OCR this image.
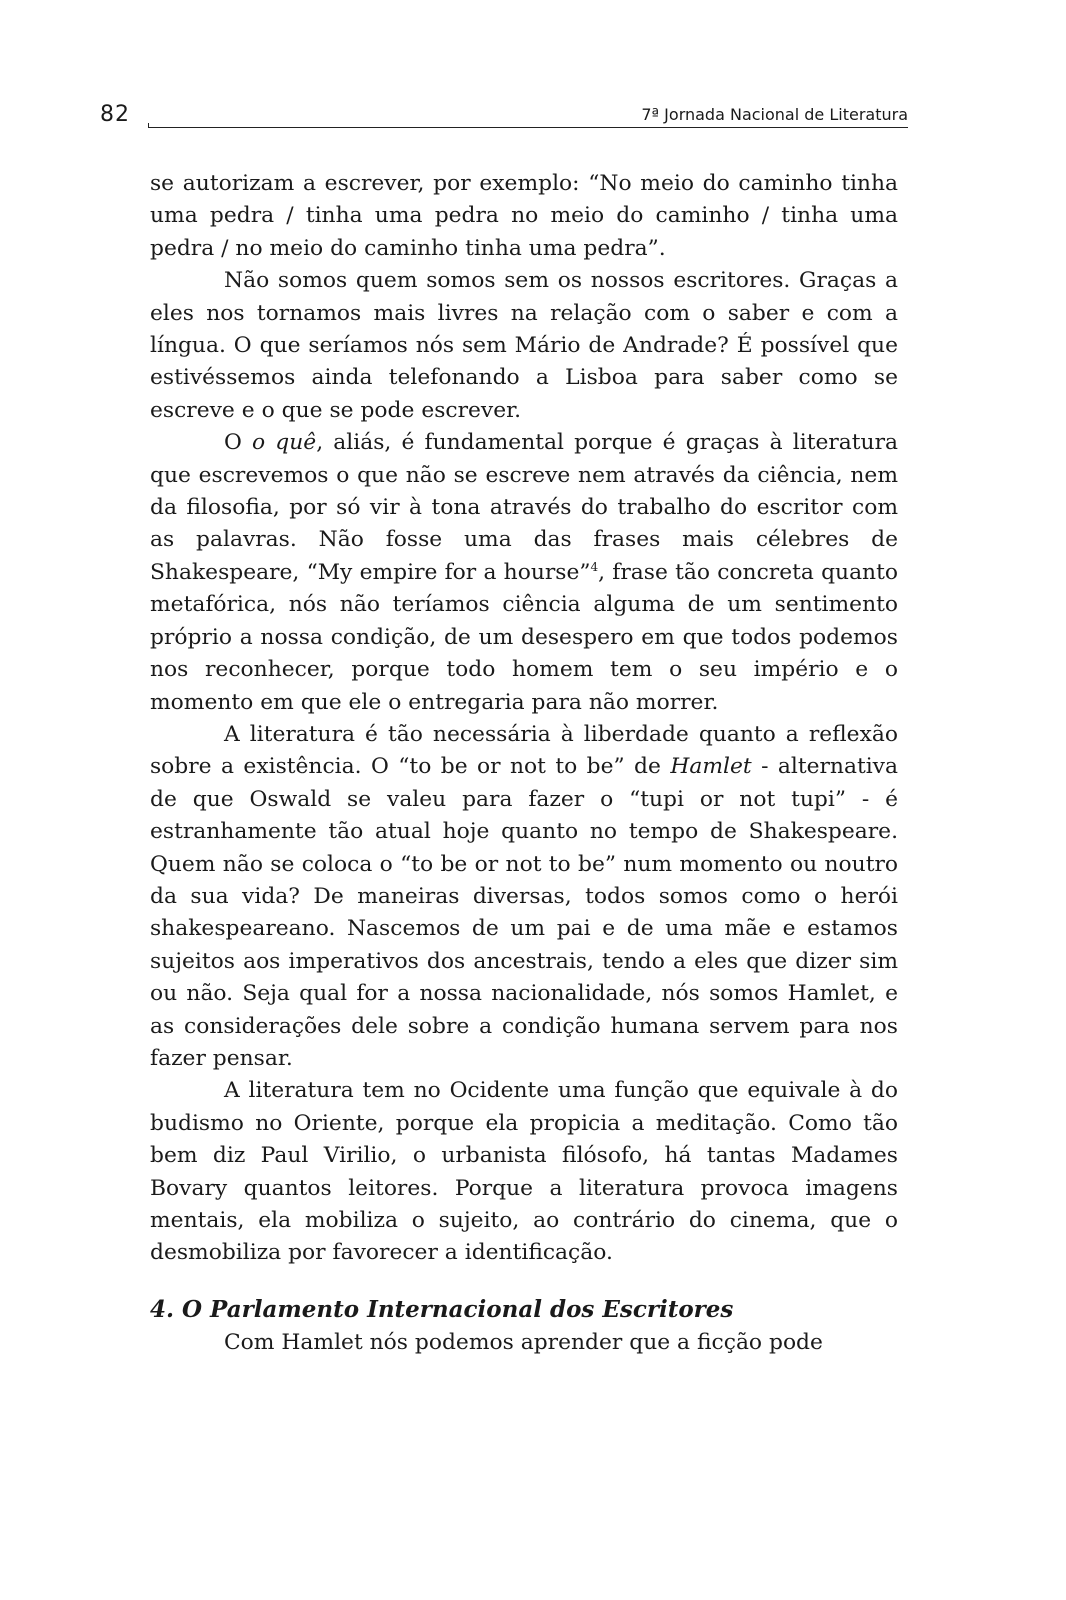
82	7ª Jornada Nacional de Literatura

se autorizam a escrever, por exemplo: “No meio do caminho tinha uma pedra / tinha uma pedra no meio do caminho / tinha uma pedra / no meio do caminho tinha uma pedra”.

Não somos quem somos sem os nossos escritores. Graças a eles nos tornamos mais livres na relação com o saber e com a língua. O que seríamos nós sem Mário de Andrade? É possível que estivéssemos ainda telefonando a Lisboa para saber como se escreve e o que se pode escrever.

O o quê, aliás, é fundamental porque é graças à literatura que escrevemos o que não se escreve nem através da ciência, nem da filosofia, por só vir à tona através do trabalho do escritor com as palavras. Não fosse uma das frases mais célebres de Shakespeare, “My empire for a hourse”$^4$, frase tão concreta quanto metafórica, nós não teríamos ciência alguma de um sentimento próprio a nossa condição, de um desespero em que todos podemos nos reconhecer, porque todo homem tem o seu império e o momento em que ele o entregaria para não morrer.

A literatura é tão necessária à liberdade quanto a reflexão sobre a existência. O “to be or not to be” de Hamlet - alternativa de que Oswald se valeu para fazer o “tupi or not tupi” - é estranhamente tão atual hoje quanto no tempo de Shakespeare. Quem não se coloca o “to be or not to be” num momento ou noutro da sua vida? De maneiras diversas, todos somos como o herói shakespeareano. Nascemos de um pai e de uma mãe e estamos sujeitos aos imperativos dos ancestrais, tendo a eles que dizer sim ou não. Seja qual for a nossa nacionalidade, nós somos Hamlet, e as considerações dele sobre a condição humana servem para nos fazer pensar.

A literatura tem no Ocidente uma função que equivale à do budismo no Oriente, porque ela propicia a meditação. Como tão bem diz Paul Virilio, o urbanista filósofo, há tantas Madames Bovary quantos leitores. Porque a literatura provoca imagens mentais, ela mobiliza o sujeito, ao contrário do cinema, que o desmobiliza por favorecer a identificação.

4. O Parlamento Internacional dos Escritores

Com Hamlet nós podemos aprender que a ficção pode
